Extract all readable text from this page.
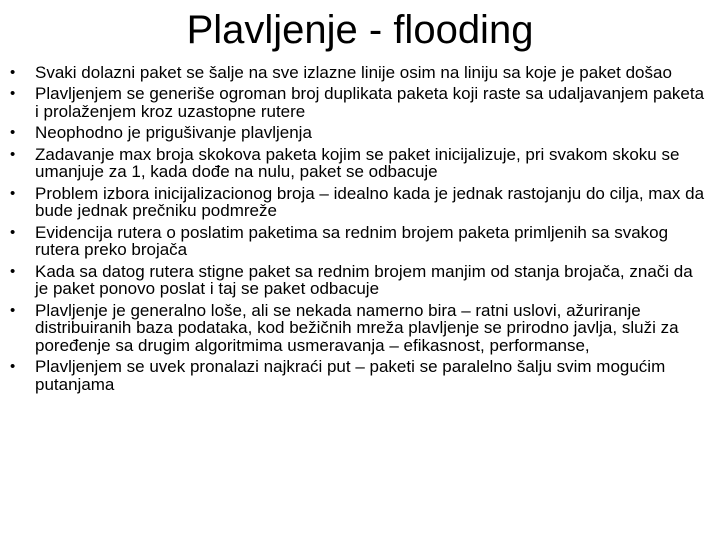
Plavljenje - flooding
• Svaki dolazni paket se šalje na sve izlazne linije osim na liniju sa koje je paket došao
• Plavljenjem se generiše ogroman broj duplikata paketa koji raste sa udaljavanjem paketa i prolaženjem kroz uzastopne rutere
• Neophodno je prigušivanje plavljenja
• Zadavanje max broja skokova paketa kojim se paket inicijalizuje, pri svakom skoku se umanjuje za 1, kada dođe na nulu, paket se odbacuje
• Problem izbora inicijalizacionog broja – idealno kada je jednak rastojanju do cilja, max da bude jednak prečniku podmreže
• Evidencija rutera o poslatim paketima sa rednim brojem paketa primljenih sa svakog rutera preko brojača
• Kada sa datog rutera stigne paket sa rednim brojem manjim od stanja brojača, znači da je paket ponovo poslat i taj se paket odbacuje
• Plavljenje je generalno loše, ali se nekada namerno bira – ratni uslovi, ažuriranje distribuiranih baza podataka, kod bežičnih mreža plavljenje se prirodno javlja, služi za poređenje sa drugim algoritmima usmeravanja – efikasnost, performanse,
• Plavljenjem se uvek pronalazi najkraći put – paketi se paralelno šalju svim mogućim putanjama
